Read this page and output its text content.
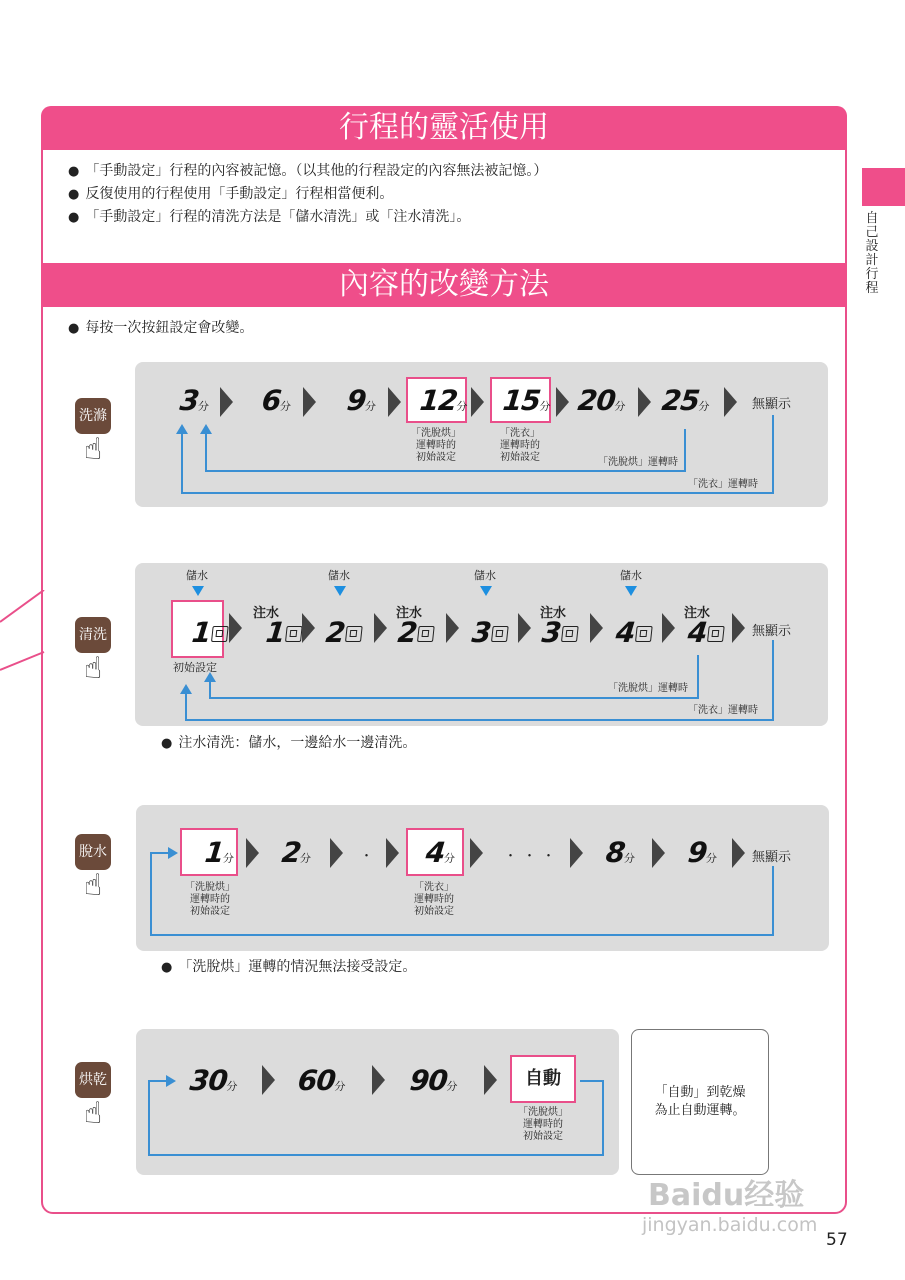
行程的靈活使用
● 「手動設定」行程的內容被記憶。（以其他的行程設定的內容無法被記憶。）
● 反復使用的行程使用「手動設定」行程相當便利。
● 「手動設定」行程的清洗方法是「儲水清洗」或「注水清洗」。
內容的改變方法
● 每按一次按鈕設定會改變。
自
己
設
計
行
程
洗滌
☝
3分 6分 9分 12分 15分 20分 25分	無顯示
「洗脫烘」
運轉時的
初始設定
「洗衣」
運轉時的
初始設定	「洗脫烘」運轉時
「洗衣」運轉時
清洗
☝
儲水	儲水	儲水	儲水
注水	注水	注水	注水
1	1	2	2	3	3	4	4	無顯示
初始設定
「洗脫烘」運轉時
「洗衣」運轉時
● 注水清洗：儲水，一邊給水一邊清洗。
脫水
☝
1分 2分	・ 4分	・・・ 8分 9分	無顯示
「洗脫烘」
運轉時的
初始設定
「洗衣」
運轉時的
初始設定
● 「洗脫烘」運轉的情況無法接受設定。
烘乾
☝
30分 60分 90分	自動
「洗脫烘」
運轉時的
初始設定
「自動」到乾燥
為止自動運轉。
Baidu经验
jingyan.baidu.com
57
